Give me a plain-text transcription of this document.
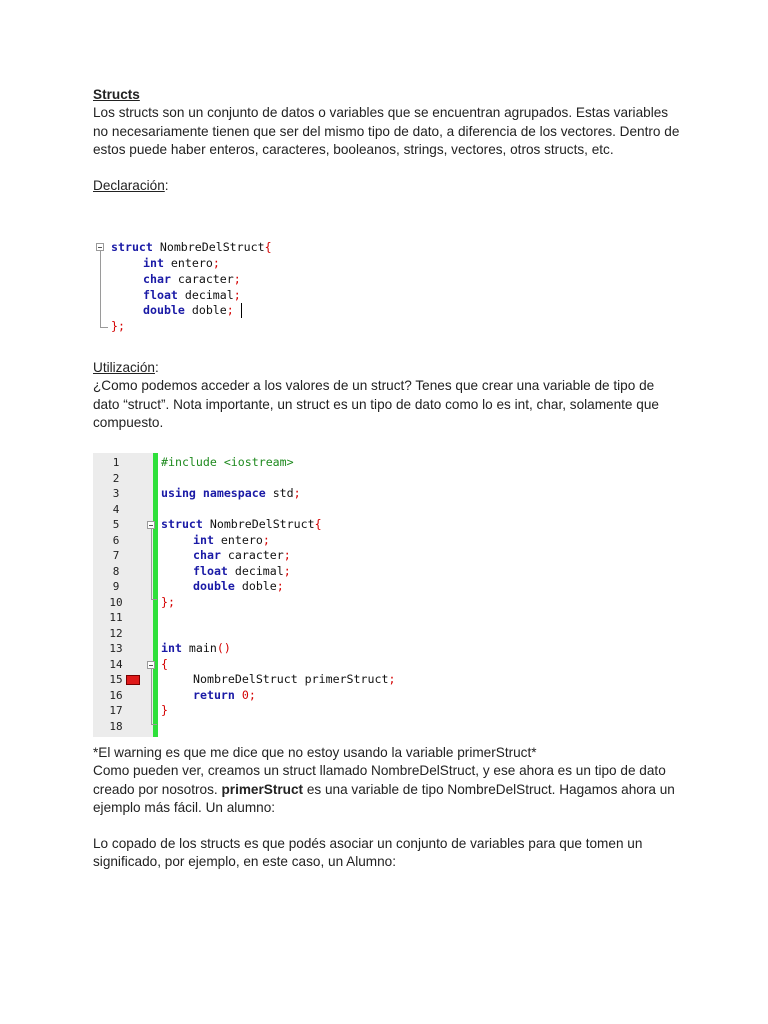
Structs

Los structs son un conjunto de datos o variables que se encuentran agrupados. Estas variables no necesariamente tienen que ser del mismo tipo de dato, a diferencia de los vectores. Dentro de estos puede haber enteros, caracteres, booleanos, strings, vectores, otros structs, etc.

Declaración:

struct NombreDelStruct{
int entero;
char caracter;
float decimal;
double doble;
};

Utilización:

¿Como podemos acceder a los valores de un struct? Tenes que crear una variable de tipo de dato “struct”. Nota importante, un struct es un tipo de dato como lo es int, char, solamente que compuesto.

1
2
3
4
5
6
7
8
9
10
11
12
13
14
15
16
17
18
#include <iostream>
using namespace std;
struct NombreDelStruct{
int entero;
char caracter;
float decimal;
double doble;
};
int main()
{
NombreDelStruct primerStruct;
return 0;
}

*El warning es que me dice que no estoy usando la variable primerStruct*

Como pueden ver, creamos un struct llamado NombreDelStruct, y ese ahora es un tipo de dato creado por nosotros. primerStruct es una variable de tipo NombreDelStruct. Hagamos ahora un ejemplo más fácil. Un alumno:

Lo copado de los structs es que podés asociar un conjunto de variables para que tomen un significado, por ejemplo, en este caso, un Alumno:
